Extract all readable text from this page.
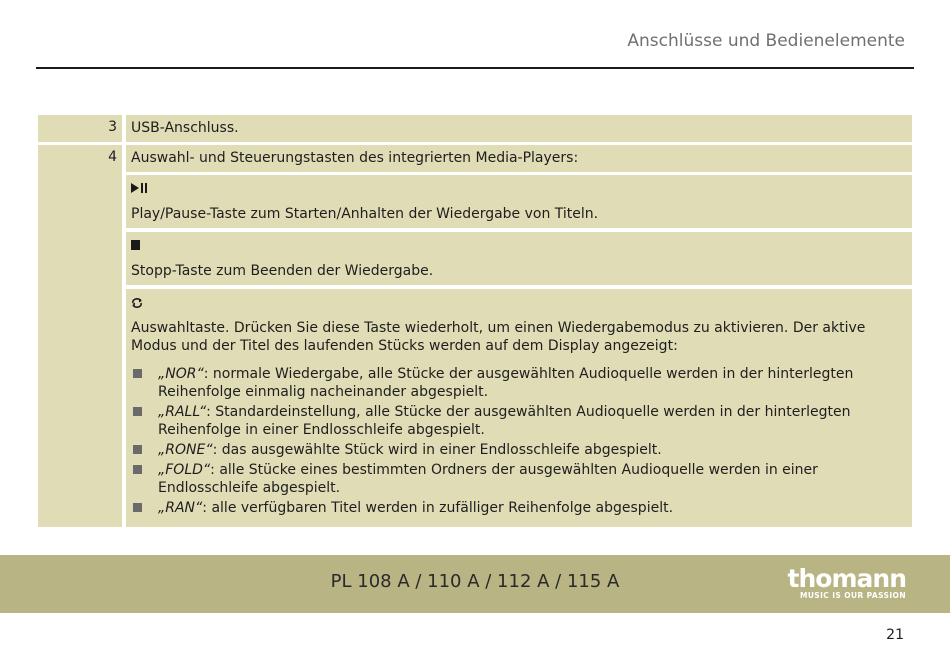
Anschlüsse und Bedienelemente
3	USB-Anschluss.
4	Auswahl- und Steuerungstasten des integrierten Media-Players:
Play/Pause-Taste zum Starten/Anhalten der Wiedergabe von Titeln.
Stopp-Taste zum Beenden der Wiedergabe.
Auswahltaste. Drücken Sie diese Taste wiederholt, um einen Wiedergabemodus zu aktivieren. Der aktive Modus und der Titel des laufenden Stücks werden auf dem Display angezeigt:
„NOR“: normale Wiedergabe, alle Stücke der ausgewählten Audioquelle werden in der hinterlegten Reihenfolge einmalig nacheinander abgespielt.
„RALL“: Standardeinstellung, alle Stücke der ausgewählten Audioquelle werden in der hinterlegten Reihenfolge in einer Endlosschleife abgespielt.
„RONE“: das ausgewählte Stück wird in einer Endlosschleife abgespielt.
„FOLD“: alle Stücke eines bestimmten Ordners der ausgewählten Audioquelle werden in einer Endlosschleife abgespielt.
„RAN“: alle verfügbaren Titel werden in zufälliger Reihenfolge abgespielt.
PL 108 A / 110 A / 112 A / 115 A	thomann
MUSIC IS OUR PASSION
21
